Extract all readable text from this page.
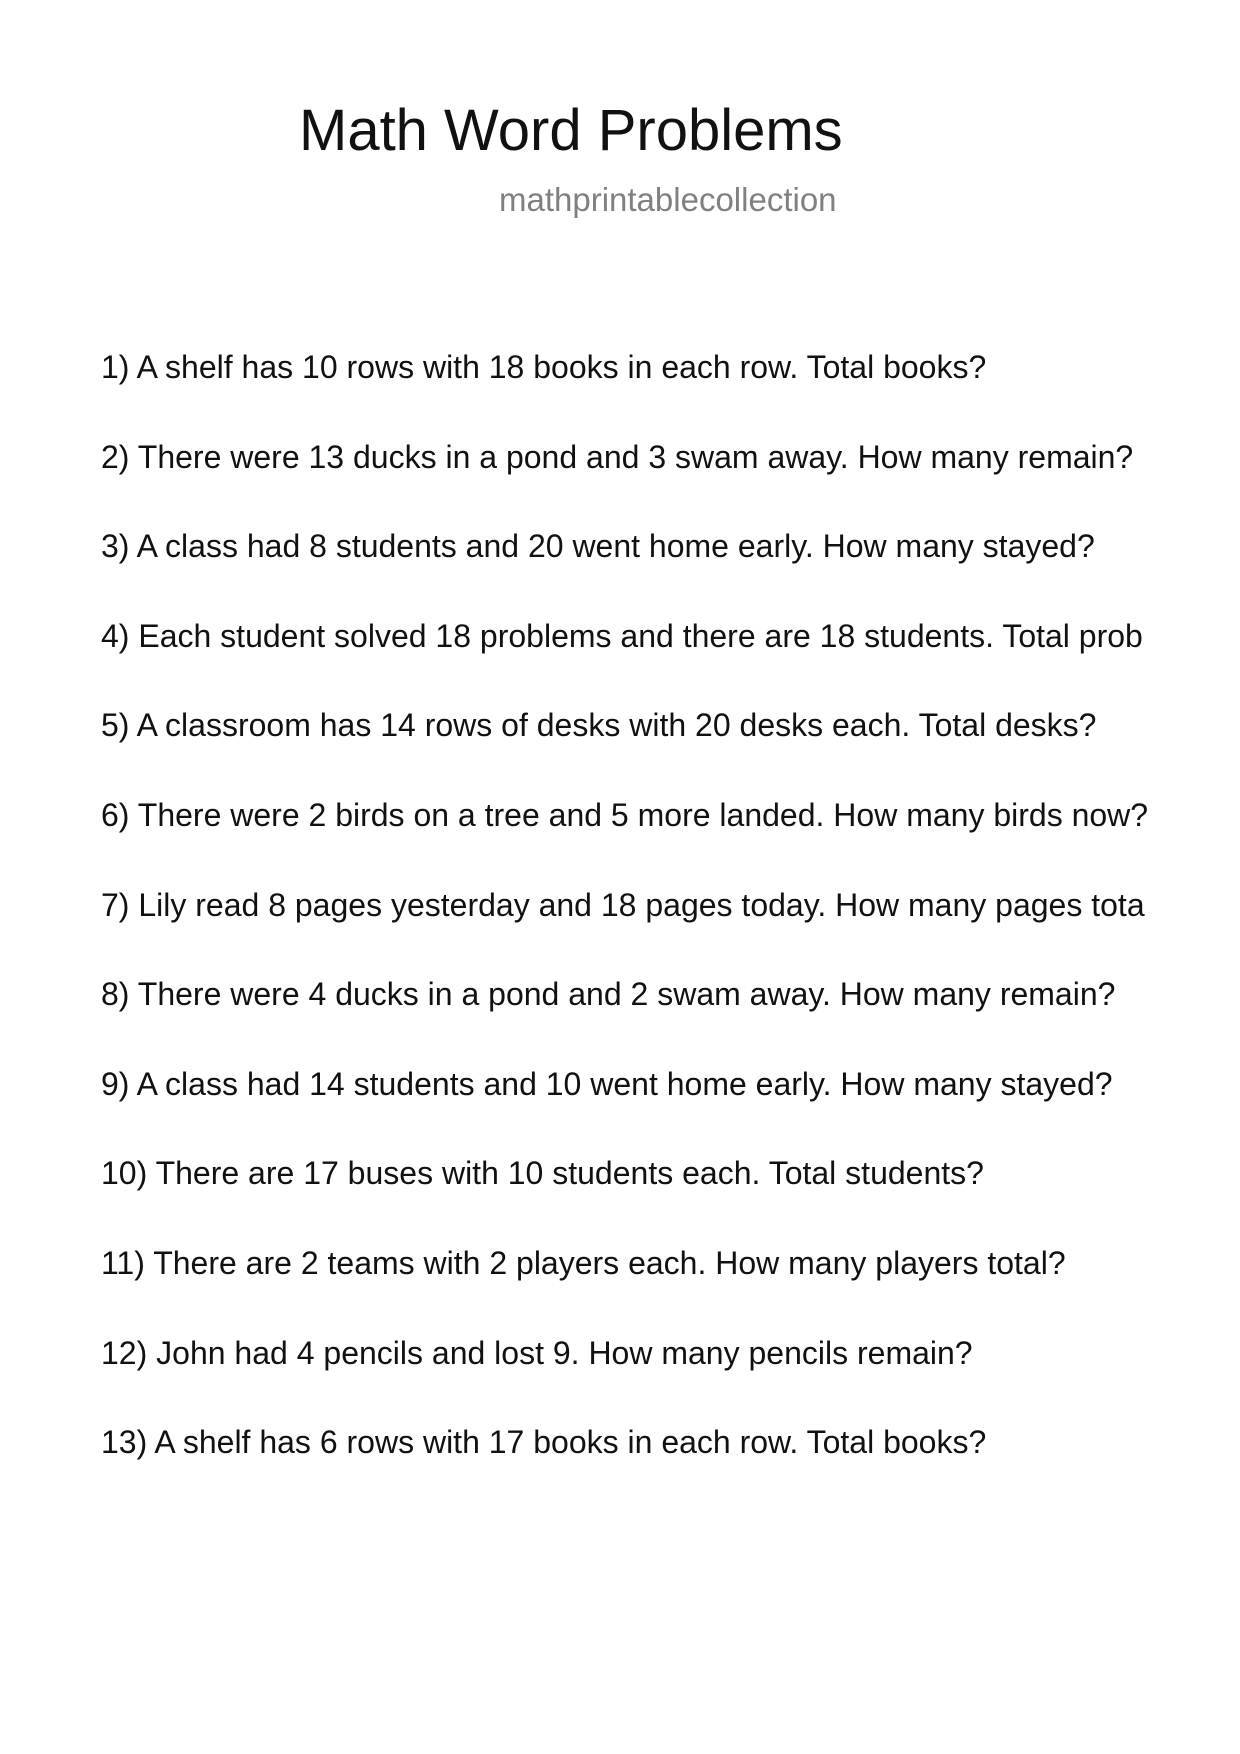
Math Word Problems
mathprintablecollection
1) A shelf has 10 rows with 18 books in each row. Total books?
2) There were 13 ducks in a pond and 3 swam away. How many remain?
3) A class had 8 students and 20 went home early. How many stayed?
4) Each student solved 18 problems and there are 18 students. Total prob
5) A classroom has 14 rows of desks with 20 desks each. Total desks?
6) There were 2 birds on a tree and 5 more landed. How many birds now?
7) Lily read 8 pages yesterday and 18 pages today. How many pages tota
8) There were 4 ducks in a pond and 2 swam away. How many remain?
9) A class had 14 students and 10 went home early. How many stayed?
10) There are 17 buses with 10 students each. Total students?
11) There are 2 teams with 2 players each. How many players total?
12) John had 4 pencils and lost 9. How many pencils remain?
13) A shelf has 6 rows with 17 books in each row. Total books?
